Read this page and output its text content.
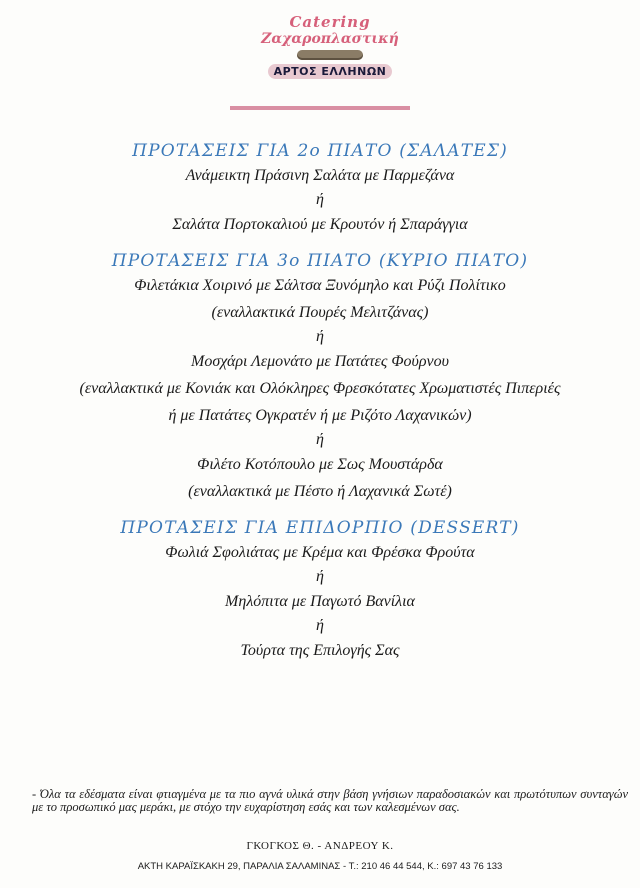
Catering
Ζαχαροπλαστική
ΑΡΤΟΣ ΕΛΛΗΝΩΝ

ΠΡΟΤΑΣΕΙΣ ΓΙΑ 2ο ΠΙΑΤΟ (ΣΑΛΑΤΕΣ)

Ανάμεικτη Πράσινη Σαλάτα με Παρμεζάνα

ή

Σαλάτα Πορτοκαλιού με Κρουτόν ή Σπαράγγια

ΠΡΟΤΑΣΕΙΣ ΓΙΑ 3ο ΠΙΑΤΟ (ΚΥΡΙΟ ΠΙΑΤΟ)

Φιλετάκια Χοιρινό με Σάλτσα Ξυνόμηλο και Ρύζι Πολίτικο

(εναλλακτικά Πουρές Μελιτζάνας)

ή

Μοσχάρι Λεμονάτο με Πατάτες Φούρνου

(εναλλακτικά με Κονιάκ και Ολόκληρες Φρεσκότατες Χρωματιστές Πιπεριές

ή με Πατάτες Ογκρατέν ή με Ριζότο Λαχανικών)

ή

Φιλέτο Κοτόπουλο με Σως Μουστάρδα

(εναλλακτικά με Πέστο ή Λαχανικά Σωτέ)

ΠΡΟΤΑΣΕΙΣ ΓΙΑ ΕΠΙΔΟΡΠΙΟ (DESSERT)

Φωλιά Σφολιάτας με Κρέμα και Φρέσκα Φρούτα

ή

Μηλόπιτα με Παγωτό Βανίλια

ή

Τούρτα της Επιλογής Σας

- Όλα τα εδέσματα είναι φτιαγμένα με τα πιο αγνά υλικά στην βάση γνήσιων παραδοσιακών και πρωτότυπων συνταγών με το προσωπικό μας μεράκι, με στόχο την ευχαρίστηση εσάς και των καλεσμένων σας.
ΓΚΟΓΚΟΣ Θ. - ΑΝΔΡΕΟΥ Κ.
ΑΚΤΗ ΚΑΡΑΪΣΚΑΚΗ 29, ΠΑΡΑΛΙΑ ΣΑΛΑΜΙΝΑΣ - Τ.: 210 46 44 544, Κ.: 697 43 76 133
